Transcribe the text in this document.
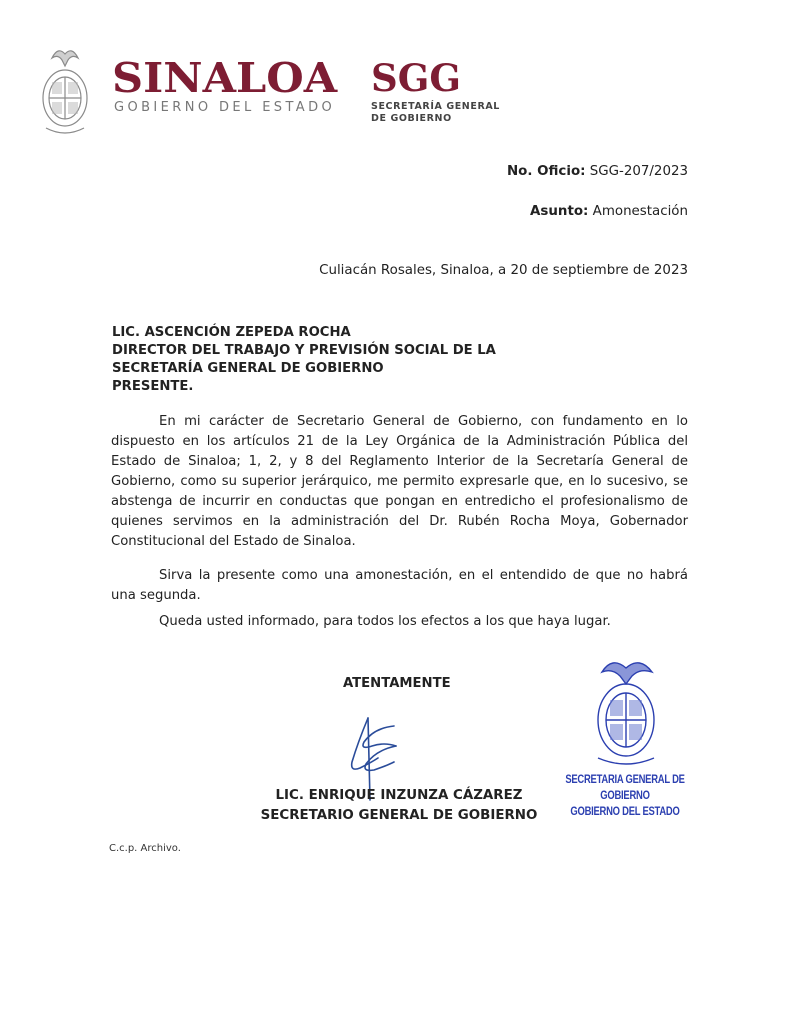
SINALOA
GOBIERNO DEL ESTADO
SGG
SECRETARÍA GENERAL
DE GOBIERNO
No. Oficio: SGG-207/2023
Asunto: Amonestación
Culiacán Rosales, Sinaloa, a 20 de septiembre de 2023
LIC. ASCENCIÓN ZEPEDA ROCHA
DIRECTOR DEL TRABAJO Y PREVISIÓN SOCIAL DE LA
SECRETARÍA GENERAL DE GOBIERNO
PRESENTE.

En mi carácter de Secretario General de Gobierno, con fundamento en lo dispuesto en los artículos 21 de la Ley Orgánica de la Administración Pública del Estado de Sinaloa; 1, 2, y 8 del Reglamento Interior de la Secretaría General de Gobierno, como su superior jerárquico, me permito expresarle que, en lo sucesivo, se abstenga de incurrir en conductas que pongan en entredicho el profesionalismo de quienes servimos en la administración del Dr. Rubén Rocha Moya, Gobernador Constitucional del Estado de Sinaloa.

Sirva la presente como una amonestación, en el entendido de que no habrá una segunda.

Queda usted informado, para todos los efectos a los que haya lugar.

ATENTAMENTE
LIC. ENRIQUE INZUNZA CÁZAREZ
SECRETARIO GENERAL DE GOBIERNO
SECRETARIA GENERAL DE GOBIERNO
GOBIERNO DEL ESTADO
C.c.p. Archivo.
